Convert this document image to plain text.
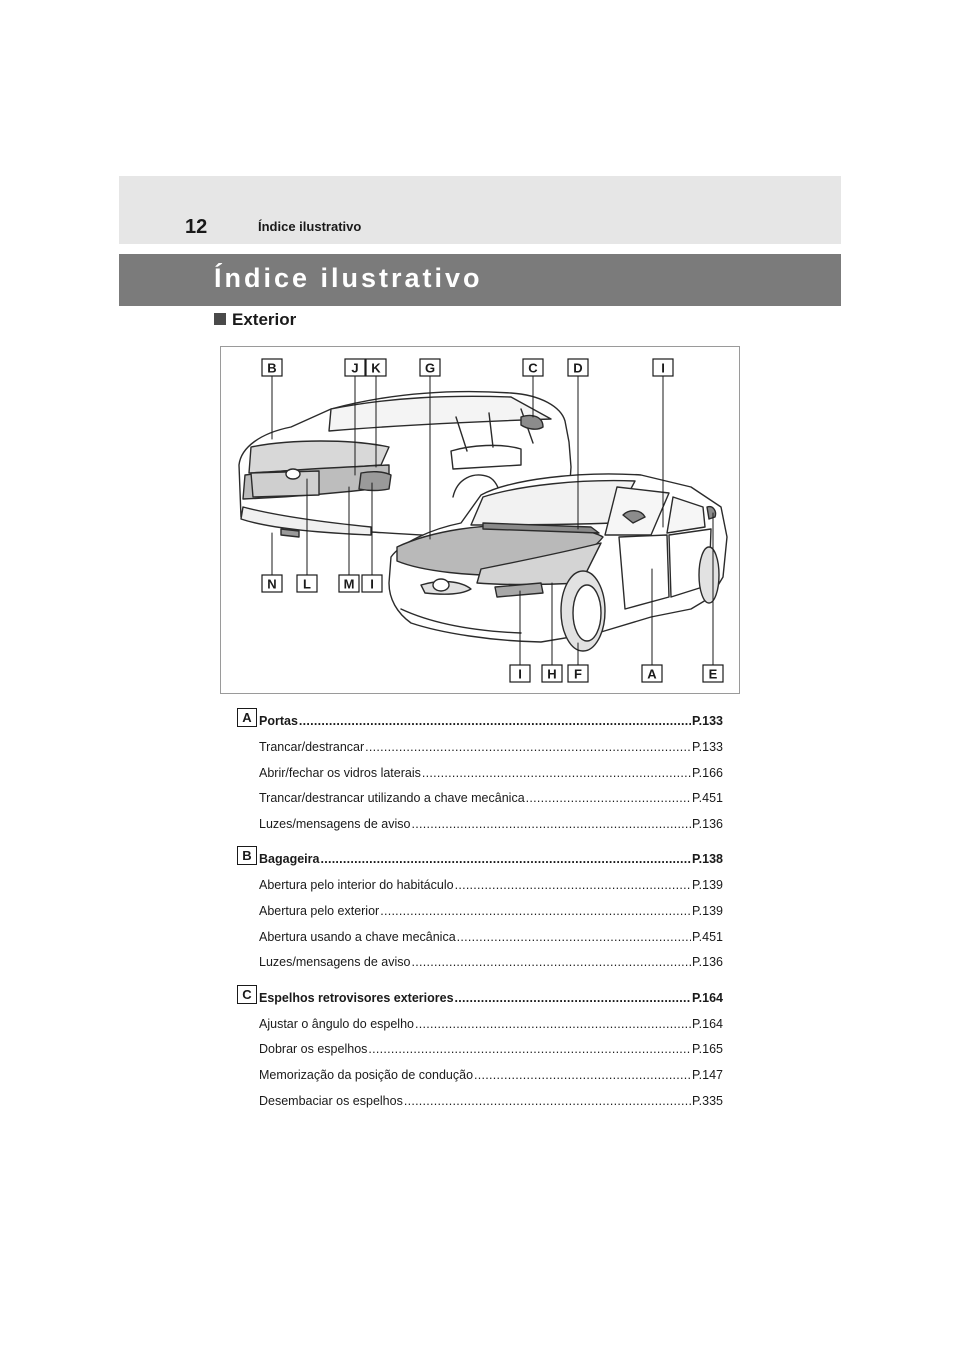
12	Índice ilustrativo
Índice ilustrativo
Exterior
B	J K	G	C	D	I
N L	M I
I H F	A	E
A Portas . . .	P.133
Trancar/destrancar . . .	P.133
Abrir/fechar os vidros laterais . . .	P.166
Trancar/destrancar utilizando a chave mecânica . . .	P.451
Luzes/mensagens de aviso . . .	P.136
B Bagageira . . .	P.138
Abertura pelo interior do habitáculo . . .	P.139
Abertura pelo exterior . . .	P.139
Abertura usando a chave mecânica . . .	P.451
Luzes/mensagens de aviso . . .	P.136
C Espelhos retrovisores exteriores . . .	P.164
Ajustar o ângulo do espelho . . .	P.164
Dobrar os espelhos . . .	P.165
Memorização da posição de condução . . .	P.147
Desembaciar os espelhos . . .	P.335
